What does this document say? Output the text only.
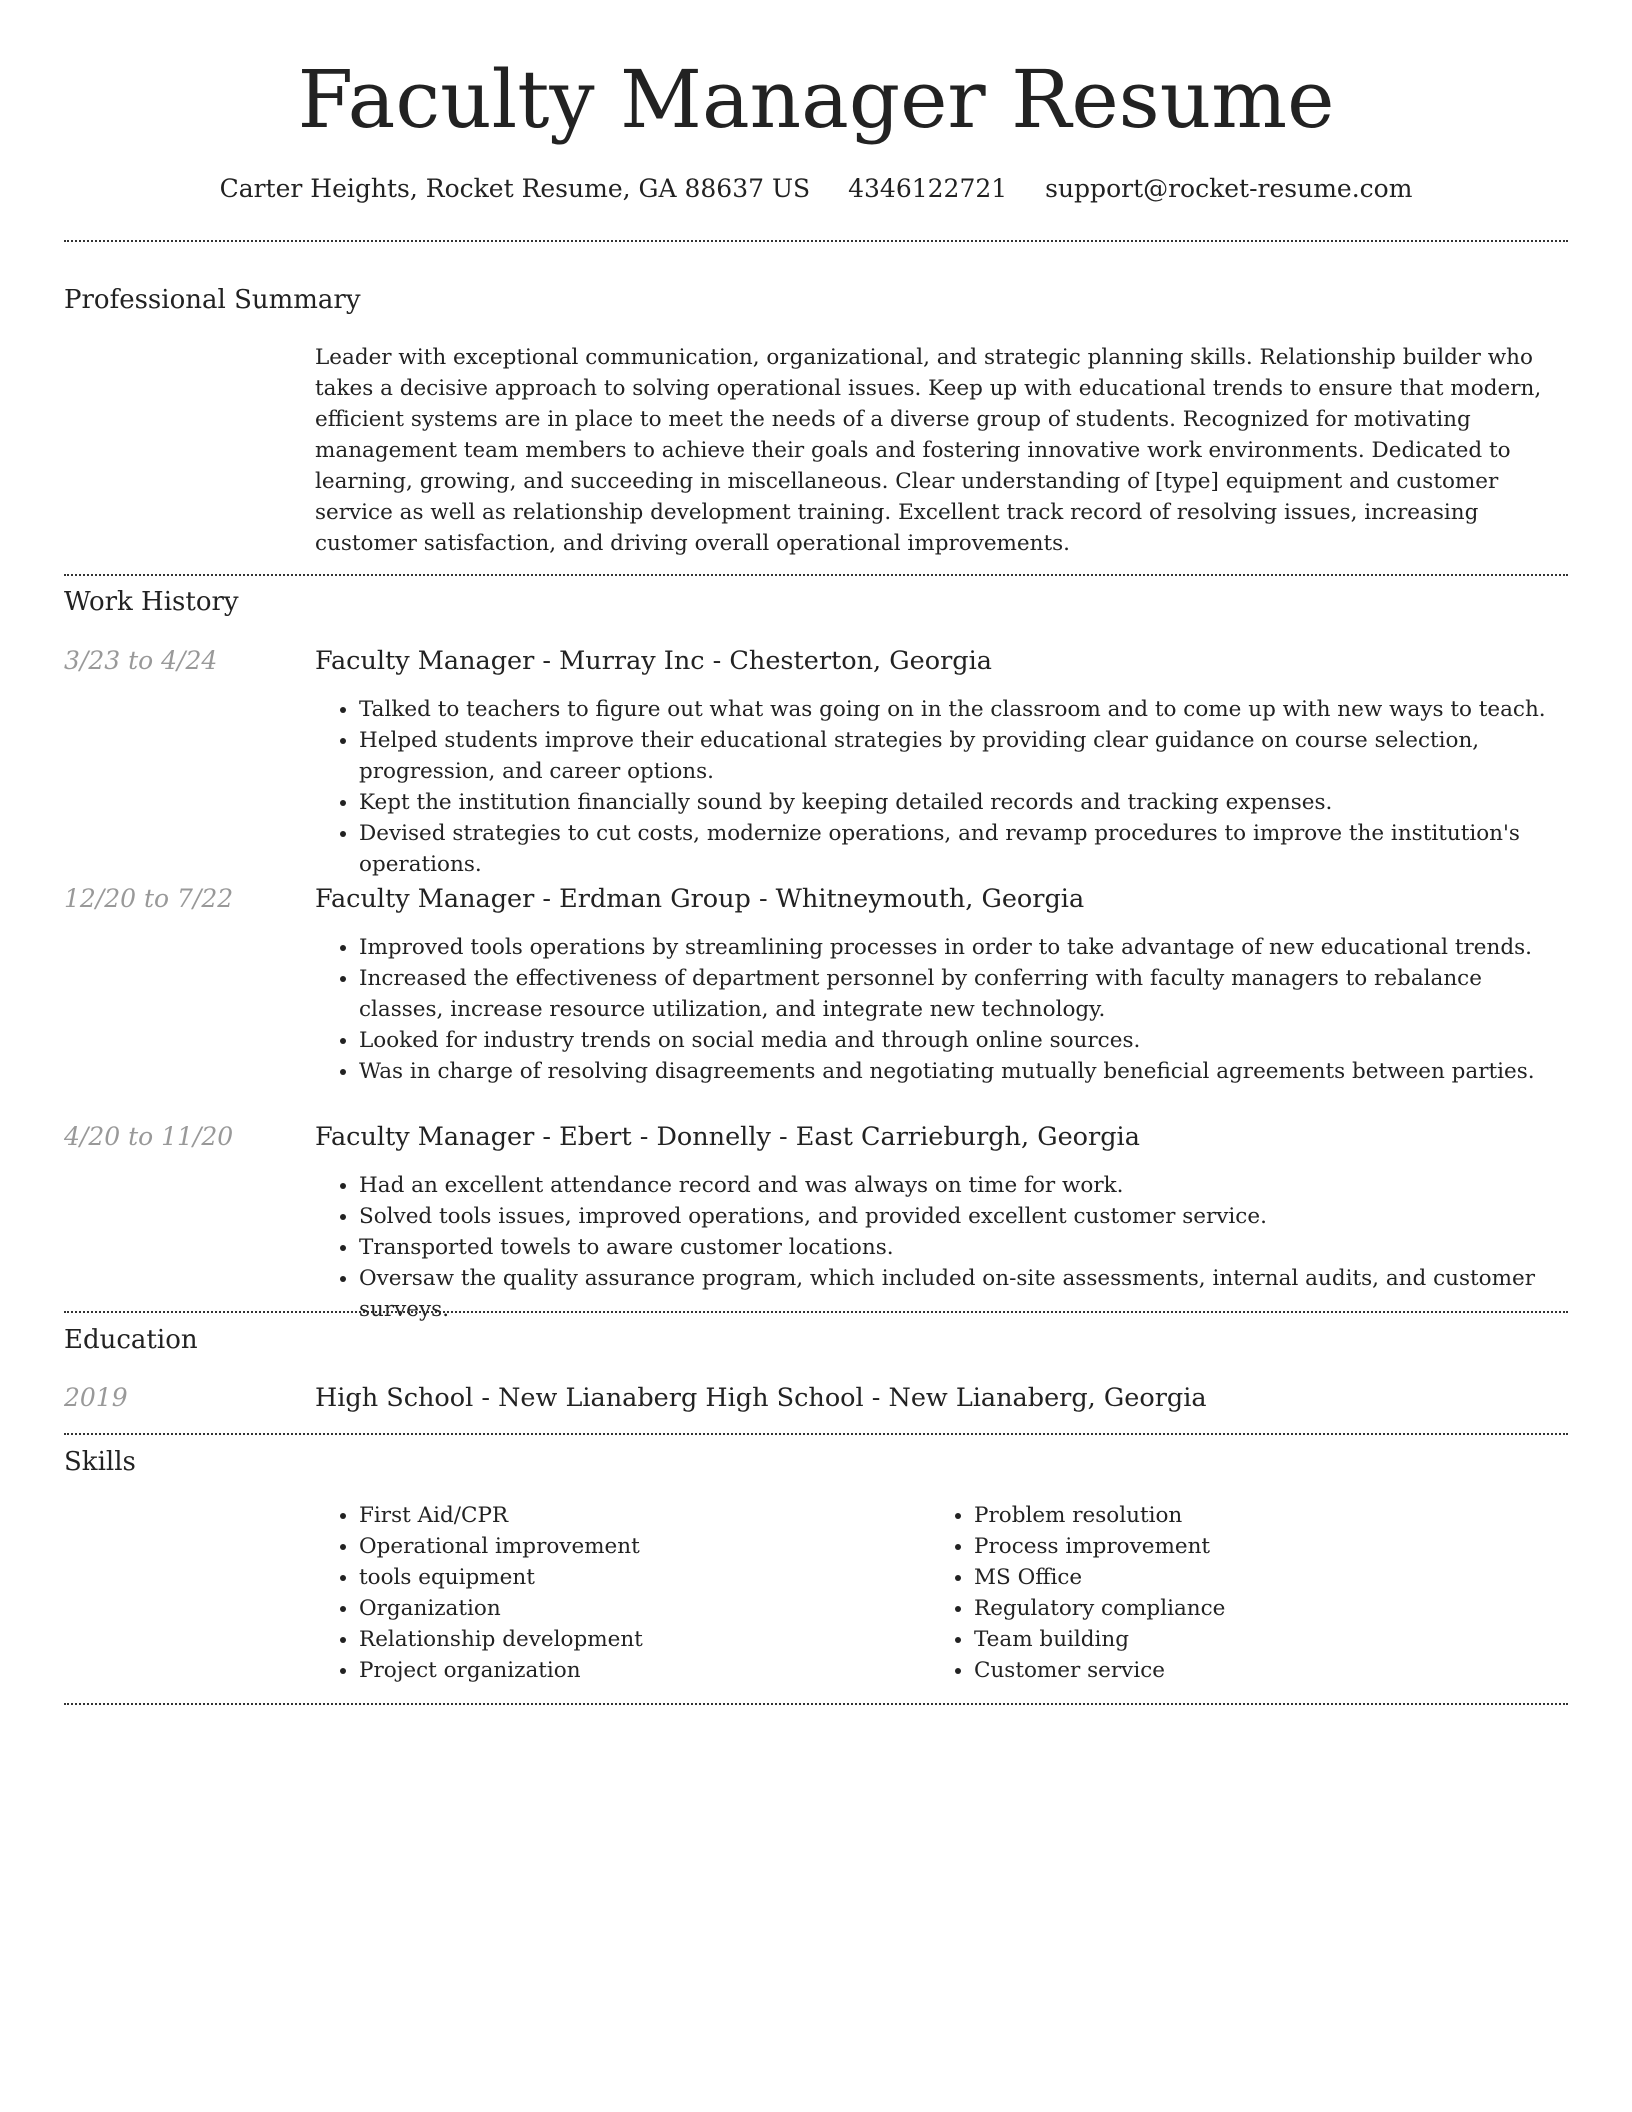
Faculty Manager Resume
Carter Heights, Rocket Resume, GA 88637 US 4346122721 support@rocket-resume.com
Professional Summary

Leader with exceptional communication, organizational, and strategic planning skills. Relationship builder who takes a decisive approach to solving operational issues. Keep up with educational trends to ensure that modern, efficient systems are in place to meet the needs of a diverse group of students. Recognized for motivating management team members to achieve their goals and fostering innovative work environments. Dedicated to learning, growing, and succeeding in miscellaneous. Clear understanding of [type] equipment and customer service as well as relationship development training. Excellent track record of resolving issues, increasing customer satisfaction, and driving overall operational improvements.

Work History
3/23 to 4/24	Faculty Manager - Murray Inc - Chesterton, Georgia
• Talked to teachers to figure out what was going on in the classroom and to come up with new ways to teach.
• Helped students improve their educational strategies by providing clear guidance on course selection, progression, and career options.
• Kept the institution financially sound by keeping detailed records and tracking expenses.
• Devised strategies to cut costs, modernize operations, and revamp procedures to improve the institution's operations.
12/20 to 7/22	Faculty Manager - Erdman Group - Whitneymouth, Georgia
• Improved tools operations by streamlining processes in order to take advantage of new educational trends.
• Increased the effectiveness of department personnel by conferring with faculty managers to rebalance classes, increase resource utilization, and integrate new technology.
• Looked for industry trends on social media and through online sources.
• Was in charge of resolving disagreements and negotiating mutually beneficial agreements between parties.
4/20 to 11/20	Faculty Manager - Ebert - Donnelly - East Carrieburgh, Georgia
• Had an excellent attendance record and was always on time for work.
• Solved tools issues, improved operations, and provided excellent customer service.
• Transported towels to aware customer locations.
• Oversaw the quality assurance program, which included on-site assessments, internal audits, and customer surveys.
Education
2019	High School - New Lianaberg High School - New Lianaberg, Georgia
Skills
• First Aid/CPR
• Operational improvement
• tools equipment
• Organization
• Relationship development
• Project organization
• Problem resolution
• Process improvement
• MS Office
• Regulatory compliance
• Team building
• Customer service
